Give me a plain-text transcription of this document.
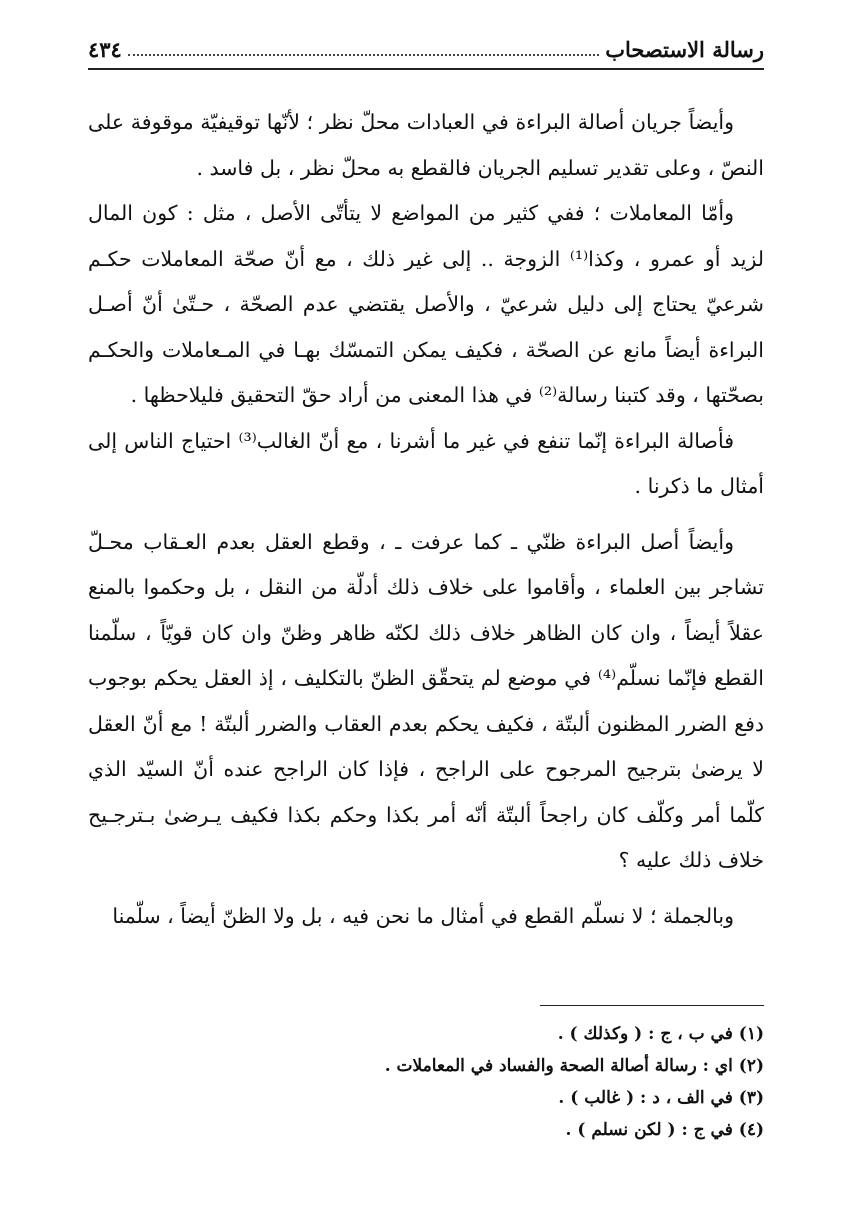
رسالة الاستصحاب
٤٣٤

وأيضاً جريان أصالة البراءة في العبادات محلّ نظر ؛ لأنّها توقيفيّة موقوفة على النصّ ، وعلى تقدير تسليم الجريان فالقطع به محلّ نظر ، بل فاسد .

وأمّا المعاملات ؛ ففي كثير من المواضع لا يتأتّى الأصل ، مثل : كون المال لزيد أو عمرو ، وكذا⁽¹⁾ الزوجة .. إلى غير ذلك ، مع أنّ صحّة المعاملات حكـم شرعيّ يحتاج إلى دليل شرعيّ ، والأصل يقتضي عدم الصحّة ، حـتّىٰ أنّ أصـل البراءة أيضاً مانع عن الصحّة ، فكيف يمكن التمسّك بهـا في المـعاملات والحكـم بصحّتها ، وقد كتبنا رسالة⁽²⁾ في هذا المعنى من أراد حقّ التحقيق فليلاحظها .

فأصالة البراءة إنّما تنفع في غير ما أشرنا ، مع أنّ الغالب⁽³⁾ احتياج الناس إلى أمثال ما ذكرنا .

وأيضاً أصل البراءة ظنّي ـ كما عرفت ـ ، وقطع العقل بعدم العـقاب محـلّ تشاجر بين العلماء ، وأقاموا على خلاف ذلك أدلّة من النقل ، بل وحكموا بالمنع عقلاً أيضاً ، وان كان الظاهر خلاف ذلك لكنّه ظاهر وظنّ وان كان قويّاً ، سلّمنا القطع فإنّما نسلّم⁽⁴⁾ في موضع لم يتحقّق الظنّ بالتكليف ، إذ العقل يحكم بوجوب دفع الضرر المظنون ألبتّة ، فكيف يحكم بعدم العقاب والضرر ألبتّة ! مع أنّ العقل لا يرضىٰ بترجيح المرجوح على الراجح ، فإذا كان الراجح عنده أنّ السيّد الذي كلّما أمر وكلّف كان راجحاً ألبتّة أنّه أمر بكذا وحكم بكذا فكيف يـرضىٰ بـترجـيح خلاف ذلك عليه ؟

وبالجملة ؛ لا نسلّم القطع في أمثال ما نحن فيه ، بل ولا الظنّ أيضاً ، سلّمنا

(١) في ب ، ج : ( وكذلك ) .
(٢) اي : رسالة أصالة الصحة والفساد في المعاملات .
(٣) في الف ، د : ( غالب ) .
(٤) في ج : ( لكن نسلم ) .
